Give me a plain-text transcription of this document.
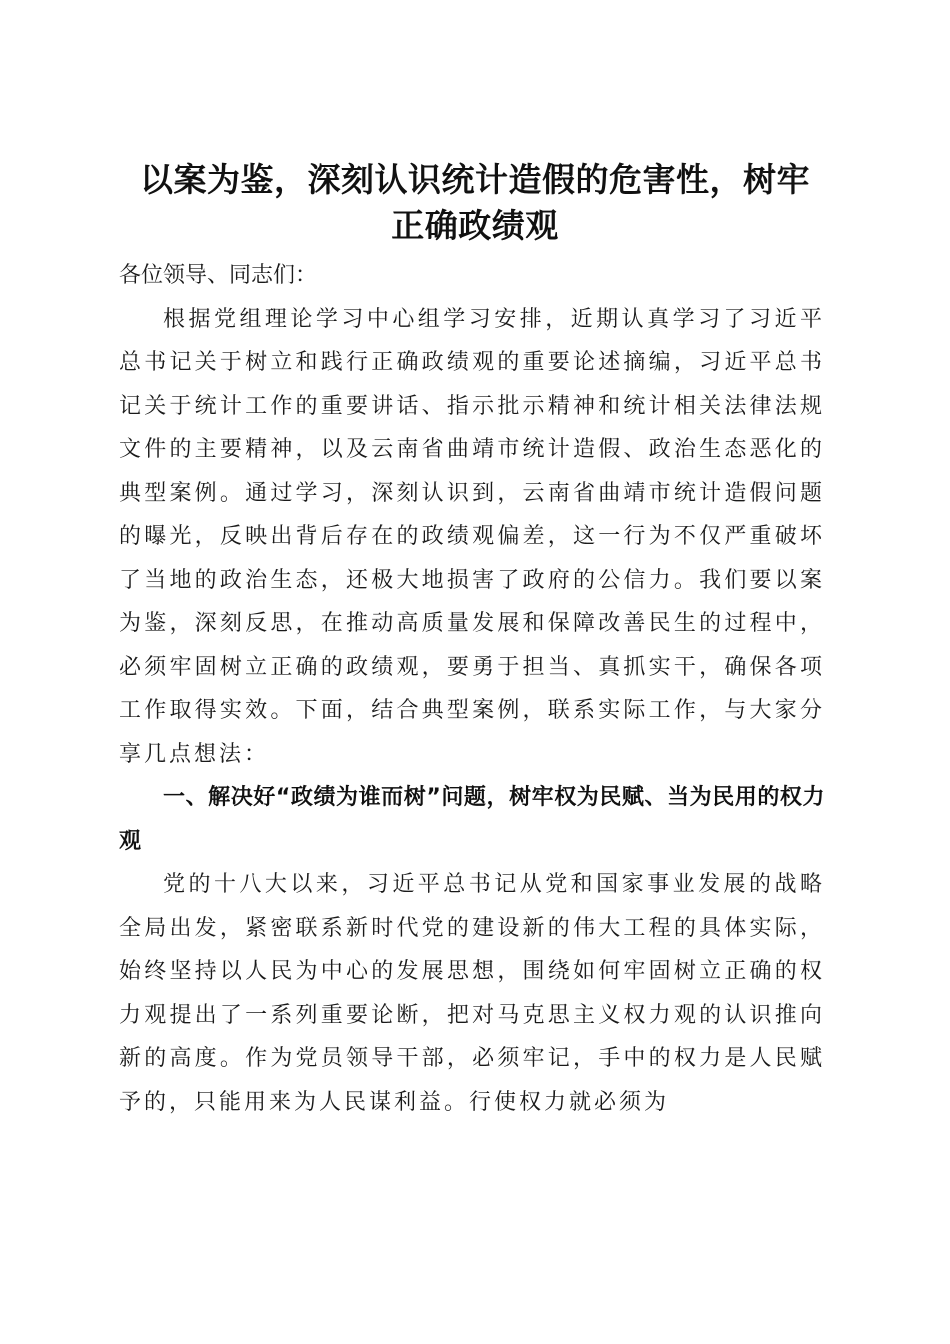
以案为鉴，深刻认识统计造假的危害性，树牢
正确政绩观

各位领导、同志们：

根据党组理论学习中心组学习安排，近期认真学习了习近平总书记关于树立和践行正确政绩观的重要论述摘编，习近平总书记关于统计工作的重要讲话、指示批示精神和统计相关法律法规文件的主要精神，以及云南省曲靖市统计造假、政治生态恶化的典型案例。通过学习，深刻认识到，云南省曲靖市统计造假问题的曝光，反映出背后存在的政绩观偏差，这一行为不仅严重破坏了当地的政治生态，还极大地损害了政府的公信力。我们要以案为鉴，深刻反思，在推动高质量发展和保障改善民生的过程中，必须牢固树立正确的政绩观，要勇于担当、真抓实干，确保各项工作取得实效。下面，结合典型案例，联系实际工作，与大家分享几点想法：

一、解决好“政绩为谁而树”问题，树牢权为民赋、当为民用的权力观

党的十八大以来，习近平总书记从党和国家事业发展的战略全局出发，紧密联系新时代党的建设新的伟大工程的具体实际，始终坚持以人民为中心的发展思想，围绕如何牢固树立正确的权力观提出了一系列重要论断，把对马克思主义权力观的认识推向新的高度。作为党员领导干部，必须牢记，手中的权力是人民赋予的，只能用来为人民谋利益。行使权力就必须为
